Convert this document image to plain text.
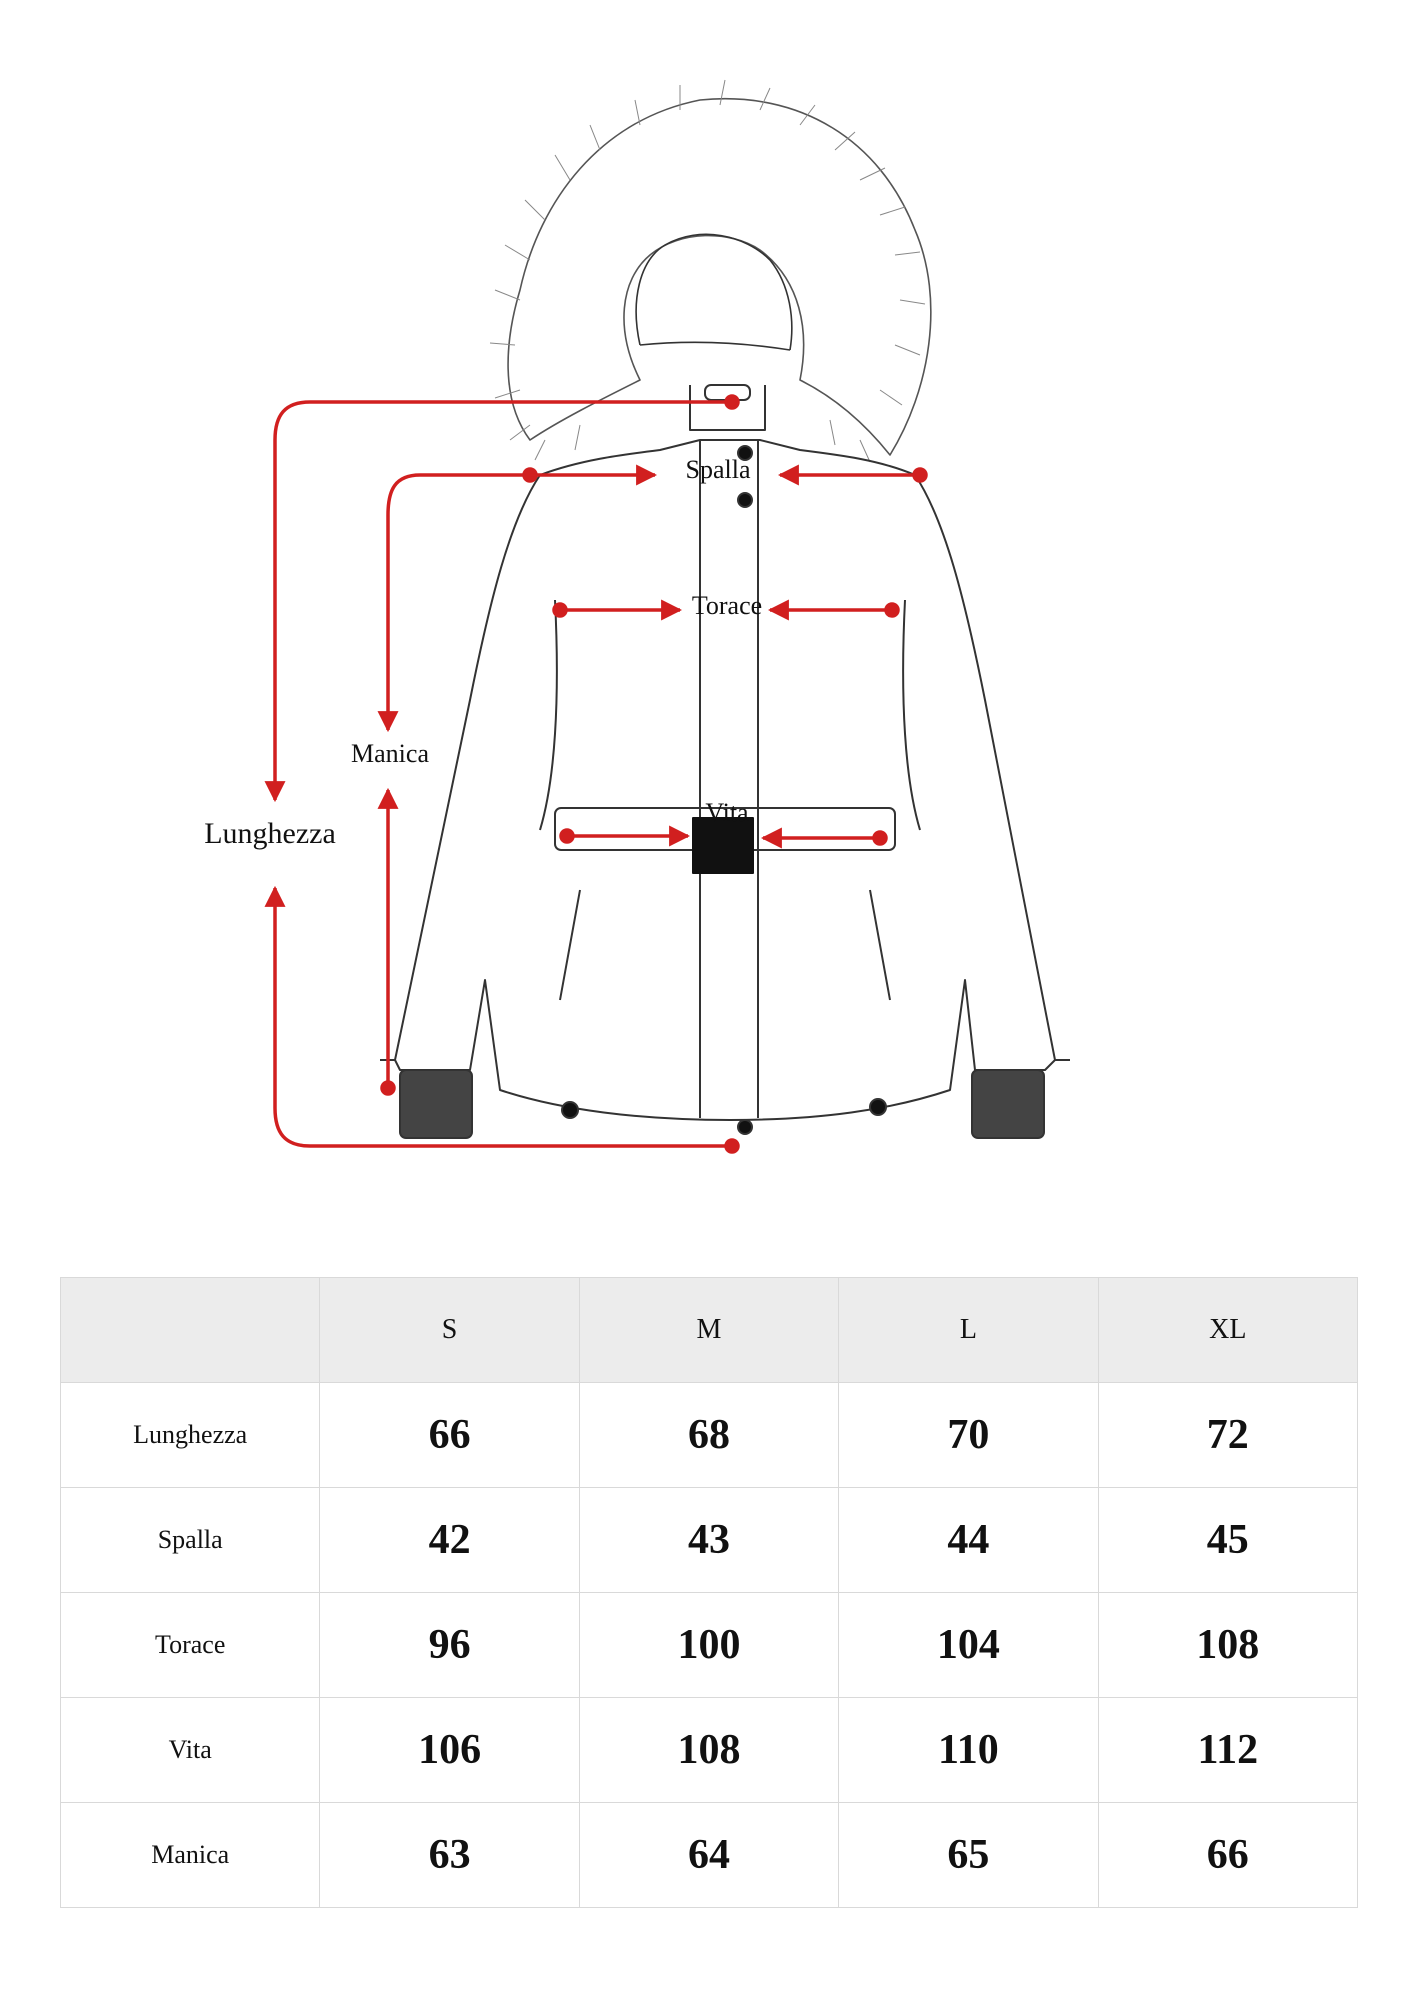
Spalla
Torace
Manica
Lunghezza
Vita
	S	M	L	XL
Lunghezza	66	68	70	72
Spalla	42	43	44	45
Torace	96	100	104	108
Vita	106	108	110	112
Manica	63	64	65	66
